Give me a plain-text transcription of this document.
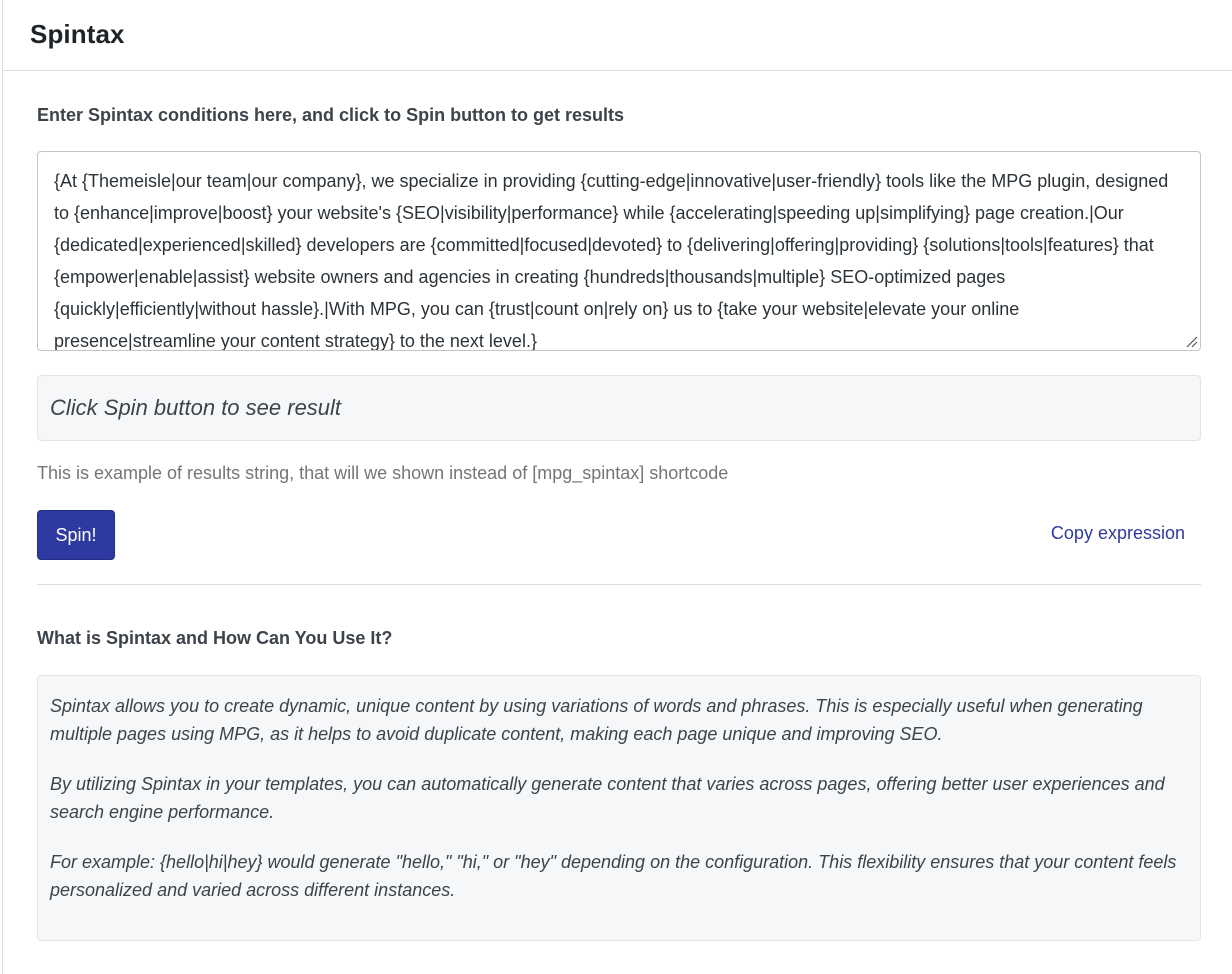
Spintax

Enter Spintax conditions here, and click to Spin button to get results

{At {Themeisle|our team|our company}, we specialize in providing {cutting-edge|innovative|user-friendly} tools like the MPG plugin, designed to {enhance|improve|boost} your website's {SEO|visibility|performance} while {accelerating|speeding up|simplifying} page creation.|Our {dedicated|experienced|skilled} developers are {committed|focused|devoted} to {delivering|offering|providing} {solutions|tools|features} that {empower|enable|assist} website owners and agencies in creating {hundreds|thousands|multiple} SEO-optimized pages {quickly|efficiently|without hassle}.|With MPG, you can {trust|count on|rely on} us to {take your website|elevate your online presence|streamline your content strategy} to the next level.}
Click Spin button to see result

This is example of results string, that will we shown instead of [mpg_spintax] shortcode

Spin!	Copy expression
What is Spintax and How Can You Use It?

Spintax allows you to create dynamic, unique content by using variations of words and phrases. This is especially useful when generating multiple pages using MPG, as it helps to avoid duplicate content, making each page unique and improving SEO.

By utilizing Spintax in your templates, you can automatically generate content that varies across pages, offering better user experiences and search engine performance.

For example: {hello|hi|hey} would generate "hello," "hi," or "hey" depending on the configuration. This flexibility ensures that your content feels personalized and varied across different instances.
